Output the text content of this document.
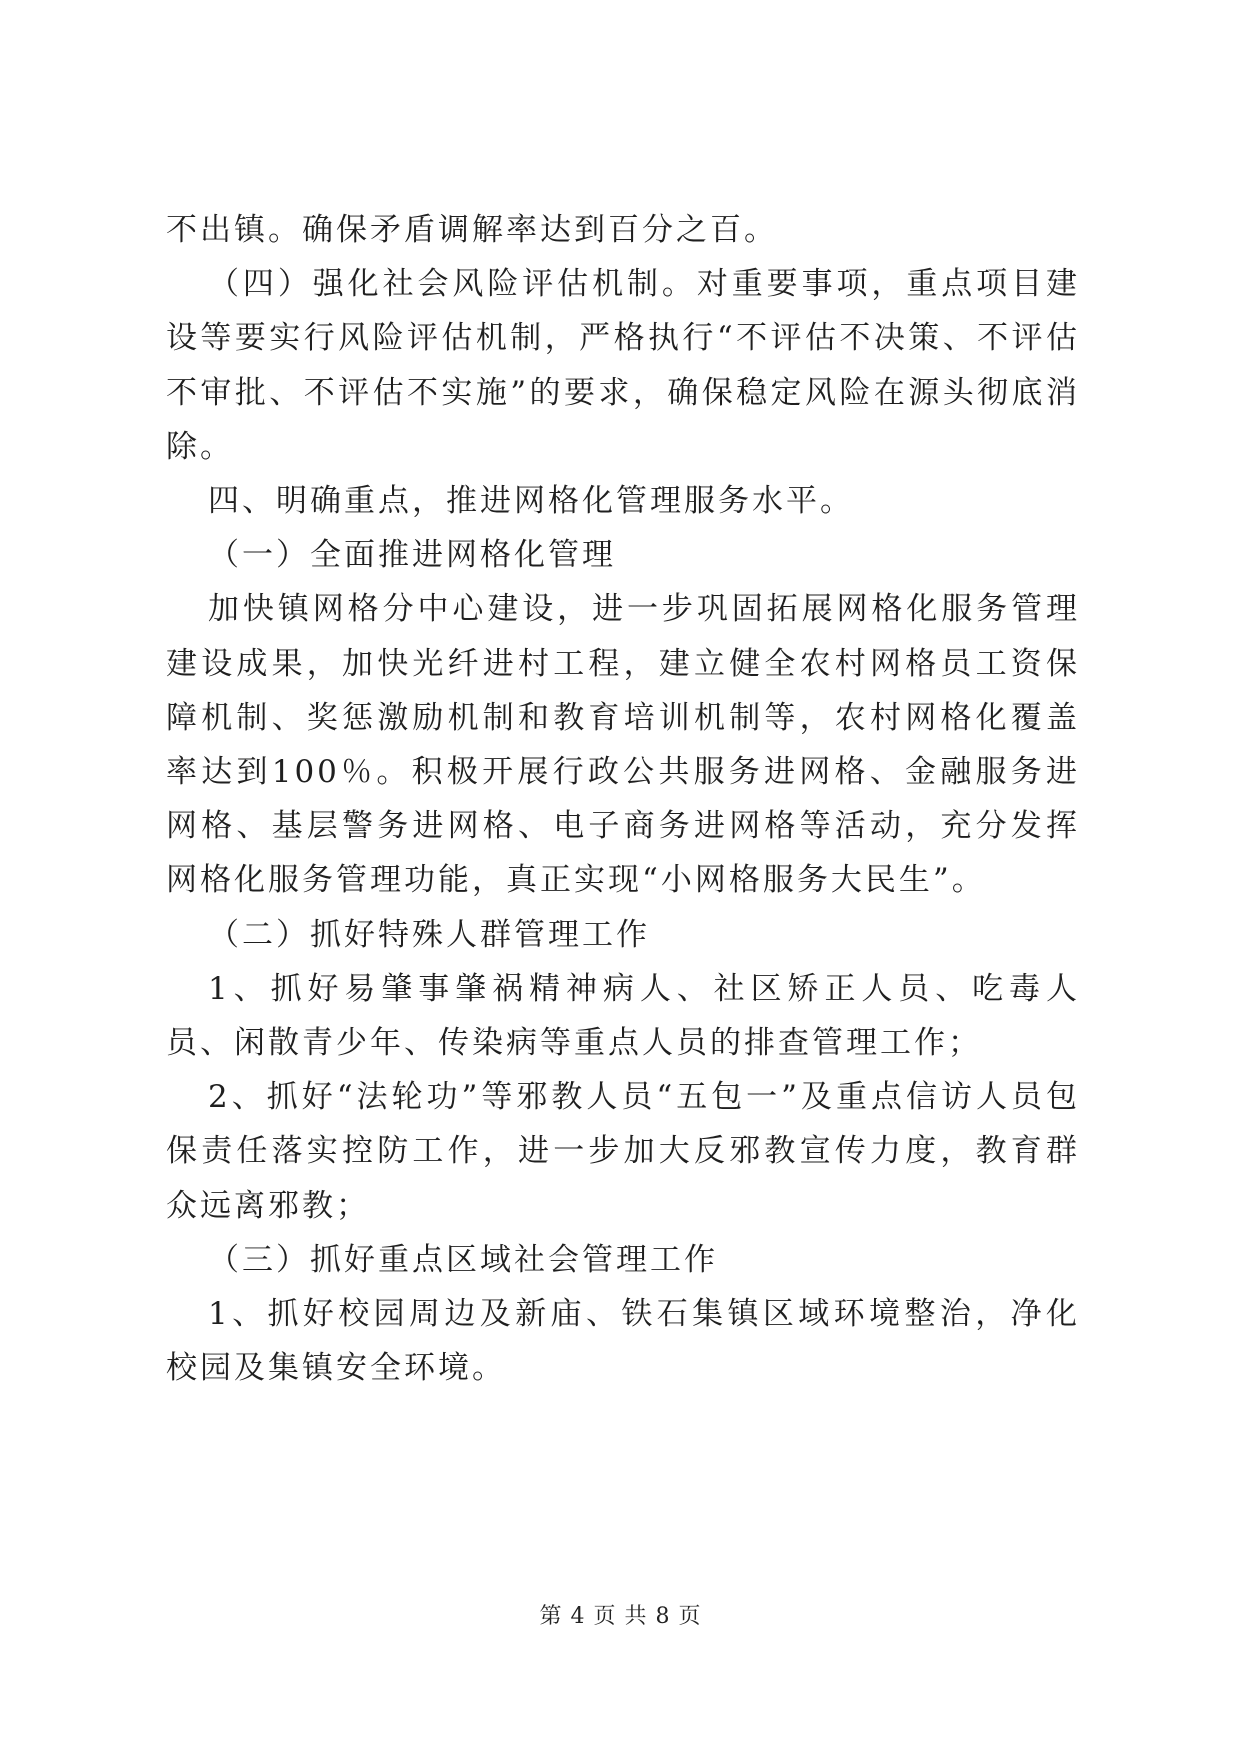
不出镇。确保矛盾调解率达到百分之百。

（四）强化社会风险评估机制。对重要事项，重点项目建设等要实行风险评估机制，严格执行“不评估不决策、不评估不审批、不评估不实施”的要求，确保稳定风险在源头彻底消除。

四、明确重点，推进网格化管理服务水平。

（一）全面推进网格化管理

加快镇网格分中心建设，进一步巩固拓展网格化服务管理建设成果，加快光纤进村工程，建立健全农村网格员工资保障机制、奖惩激励机制和教育培训机制等，农村网格化覆盖率达到100％。积极开展行政公共服务进网格、金融服务进网格、基层警务进网格、电子商务进网格等活动，充分发挥网格化服务管理功能，真正实现“小网格服务大民生”。

（二）抓好特殊人群管理工作

1、抓好易肇事肇祸精神病人、社区矫正人员、吃毒人员、闲散青少年、传染病等重点人员的排查管理工作；

2、抓好“法轮功”等邪教人员“五包一”及重点信访人员包保责任落实控防工作，进一步加大反邪教宣传力度，教育群众远离邪教；

（三）抓好重点区域社会管理工作

1、抓好校园周边及新庙、铁石集镇区域环境整治，净化校园及集镇安全环境。

第 4 页 共 8 页
